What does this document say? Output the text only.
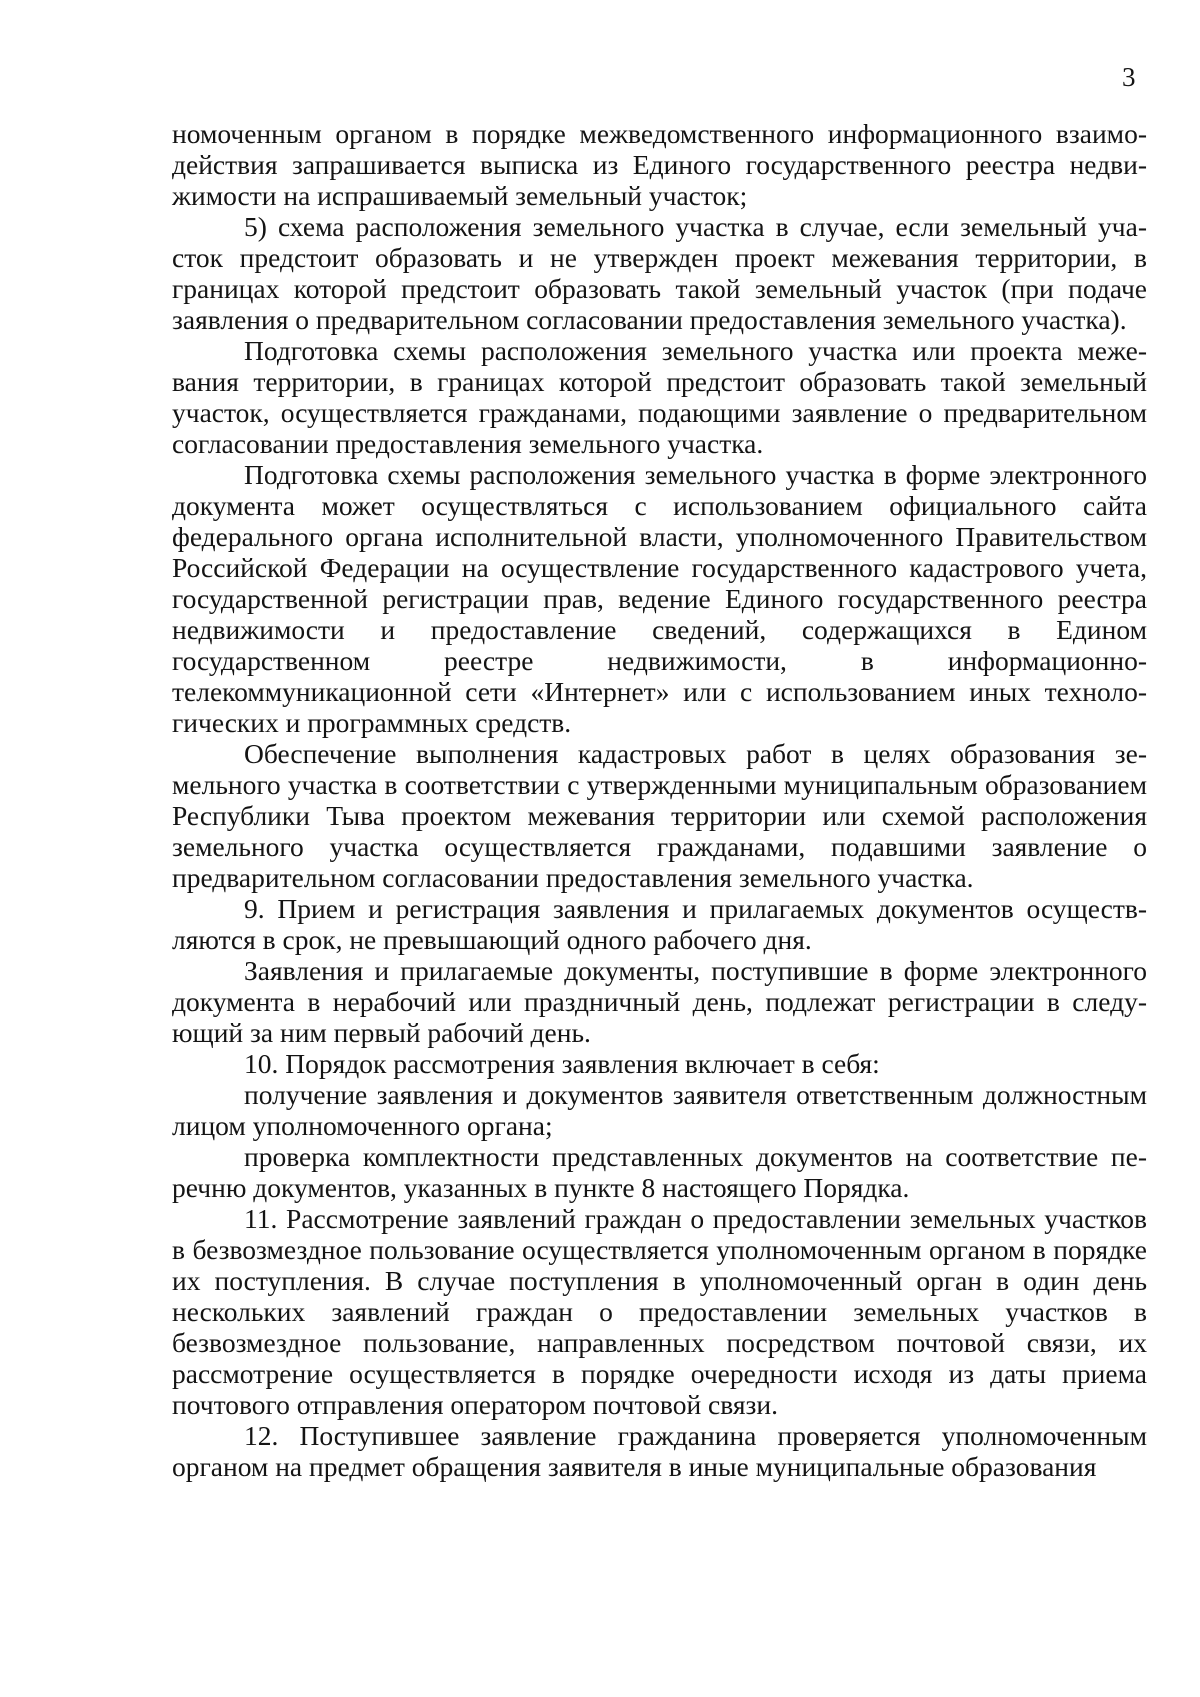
3

номоченным органом в порядке межведомственного информационного взаимодействия запрашивается выписка из Единого государственного реестра недвижимости на испрашиваемый земельный участок;

5) схема расположения земельного участка в случае, если земельный участок предстоит образовать и не утвержден проект межевания территории, в границах которой предстоит образовать такой земельный участок (при подаче заявления о предварительном согласовании предоставления земельного участка).

Подготовка схемы расположения земельного участка или проекта межевания территории, в границах которой предстоит образовать такой земельный участок, осуществляется гражданами, подающими заявление о предварительном согласовании предоставления земельного участка.

Подготовка схемы расположения земельного участка в форме электронного документа может осуществляться с использованием официального сайта федерального органа исполнительной власти, уполномоченного Правительством Российской Федерации на осуществление государственного кадастрового учета, государственной регистрации прав, ведение Единого государственного реестра недвижимости и предоставление сведений, содержащихся в Едином государственном реестре недвижимости, в информационно-телекоммуникационной сети «Интернет» или с использованием иных технологических и программных средств.

Обеспечение выполнения кадастровых работ в целях образования земельного участка в соответствии с утвержденными муниципальным образованием Республики Тыва проектом межевания территории или схемой расположения земельного участка осуществляется гражданами, подавшими заявление о предварительном согласовании предоставления земельного участка.

9. Прием и регистрация заявления и прилагаемых документов осуществляются в срок, не превышающий одного рабочего дня.

Заявления и прилагаемые документы, поступившие в форме электронного документа в нерабочий или праздничный день, подлежат регистрации в следующий за ним первый рабочий день.

10. Порядок рассмотрения заявления включает в себя:

получение заявления и документов заявителя ответственным должностным лицом уполномоченного органа;

проверка комплектности представленных документов на соответствие перечню документов, указанных в пункте 8 настоящего Порядка.

11. Рассмотрение заявлений граждан о предоставлении земельных участков в безвозмездное пользование осуществляется уполномоченным органом в порядке их поступления. В случае поступления в уполномоченный орган в один день нескольких заявлений граждан о предоставлении земельных участков в безвозмездное пользование, направленных посредством почтовой связи, их рассмотрение осуществляется в порядке очередности исходя из даты приема почтового отправления оператором почтовой связи.

12. Поступившее заявление гражданина проверяется уполномоченным органом на предмет обращения заявителя в иные муниципальные образования
